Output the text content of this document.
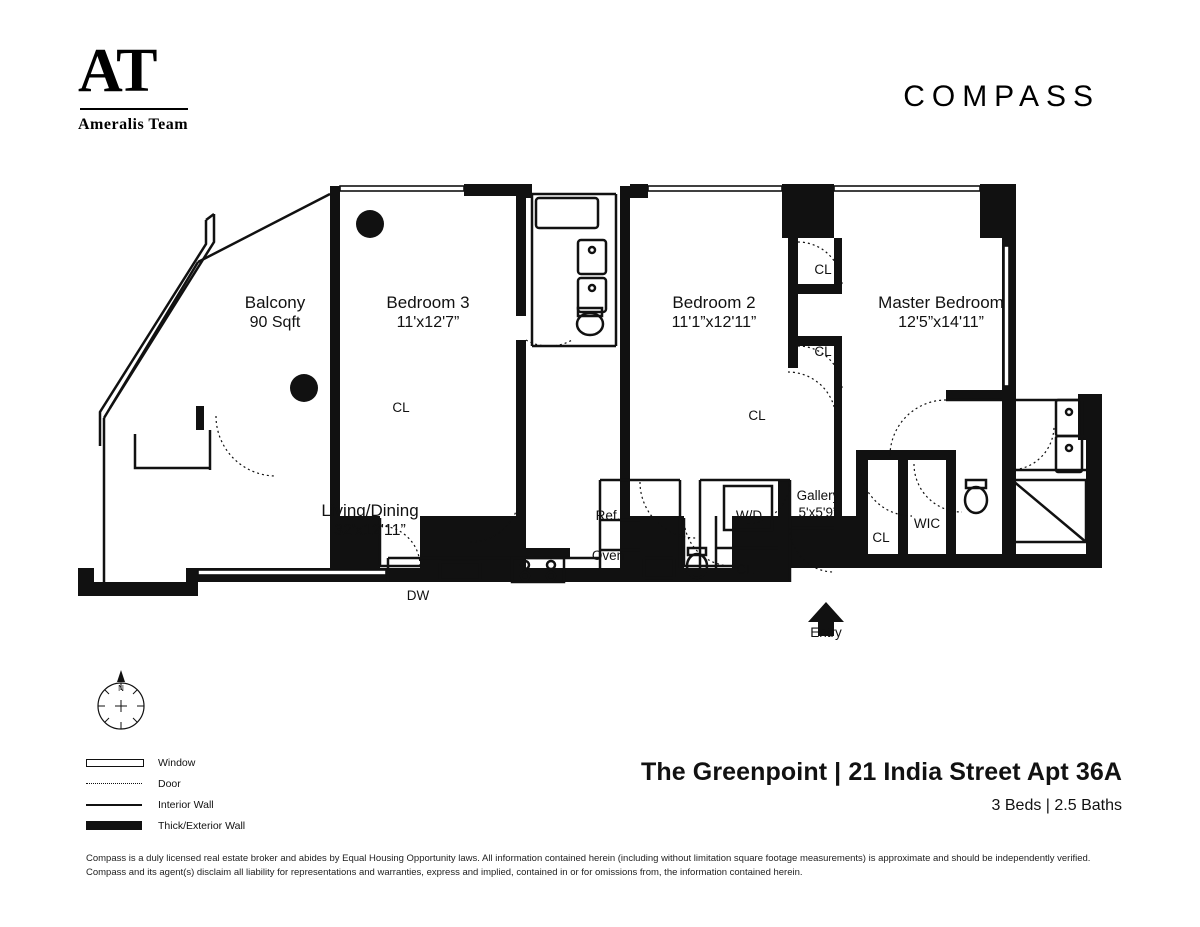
AT
Ameralis Team
COMPASS
Balcony
90 Sqft
Bedroom 3
11'x12'7”
Bedroom 2
11'1”x12'11”
Master Bedroom
12'5”x14'11”
Living/Dining
32'x12'11”
Gallery
5'x5'9”
CL
CL
CL
CL
CL
CL
WIC
Ref.
Oven
DW
W/D
Entry
N
Window
Door
Interior Wall
Thick/Exterior Wall
The Greenpoint | 21 India Street Apt 36A
3 Beds | 2.5 Baths
Compass is a duly licensed real estate broker and abides by Equal Housing Opportunity laws. All information contained herein (including without limitation square footage measurements) is approximate and should be independently verified.
Compass and its agent(s) disclaim all liability for representations and warranties, express and implied, contained in or for omissions from, the information contained herein.
